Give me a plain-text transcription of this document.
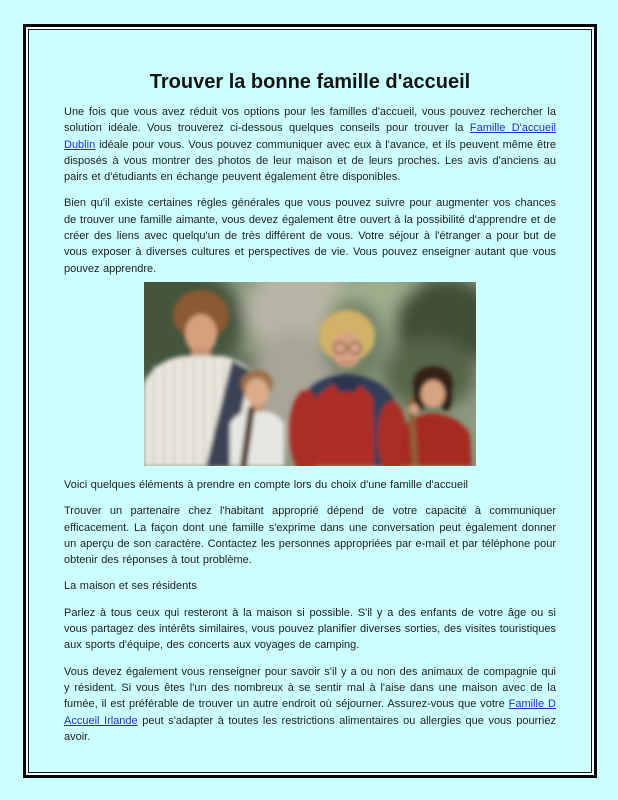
Trouver la bonne famille d'accueil

Une fois que vous avez réduit vos options pour les familles d'accueil, vous pouvez rechercher la solution idéale. Vous trouverez ci-dessous quelques conseils pour trouver la Famille D'accueil Dublin idéale pour vous. Vous pouvez communiquer avec eux à l'avance, et ils peuvent même être disposés à vous montrer des photos de leur maison et de leurs proches. Les avis d'anciens au pairs et d'étudiants en échange peuvent également être disponibles.

Bien qu'il existe certaines règles générales que vous pouvez suivre pour augmenter vos chances de trouver une famille aimante, vous devez également être ouvert à la possibilité d'apprendre et de créer des liens avec quelqu'un de très différent de vous. Votre séjour à l'étranger a pour but de vous exposer à diverses cultures et perspectives de vie. Vous pouvez enseigner autant que vous pouvez apprendre.

Voici quelques éléments à prendre en compte lors du choix d'une famille d'accueil

Trouver un partenaire chez l'habitant approprié dépend de votre capacité à communiquer efficacement. La façon dont une famille s'exprime dans une conversation peut également donner un aperçu de son caractère. Contactez les personnes appropriées par e-mail et par téléphone pour obtenir des réponses à tout problème.

La maison et ses résidents

Parlez à tous ceux qui resteront à la maison si possible. S'il y a des enfants de votre âge ou si vous partagez des intérêts similaires, vous pouvez planifier diverses sorties, des visites touristiques aux sports d'équipe, des concerts aux voyages de camping.

Vous devez également vous renseigner pour savoir s'il y a ou non des animaux de compagnie qui y résident. Si vous êtes l'un des nombreux à se sentir mal à l'aise dans une maison avec de la fumée, il est préférable de trouver un autre endroit où séjourner. Assurez-vous que votre Famille D Accueil Irlande peut s'adapter à toutes les restrictions alimentaires ou allergies que vous pourriez avoir.
